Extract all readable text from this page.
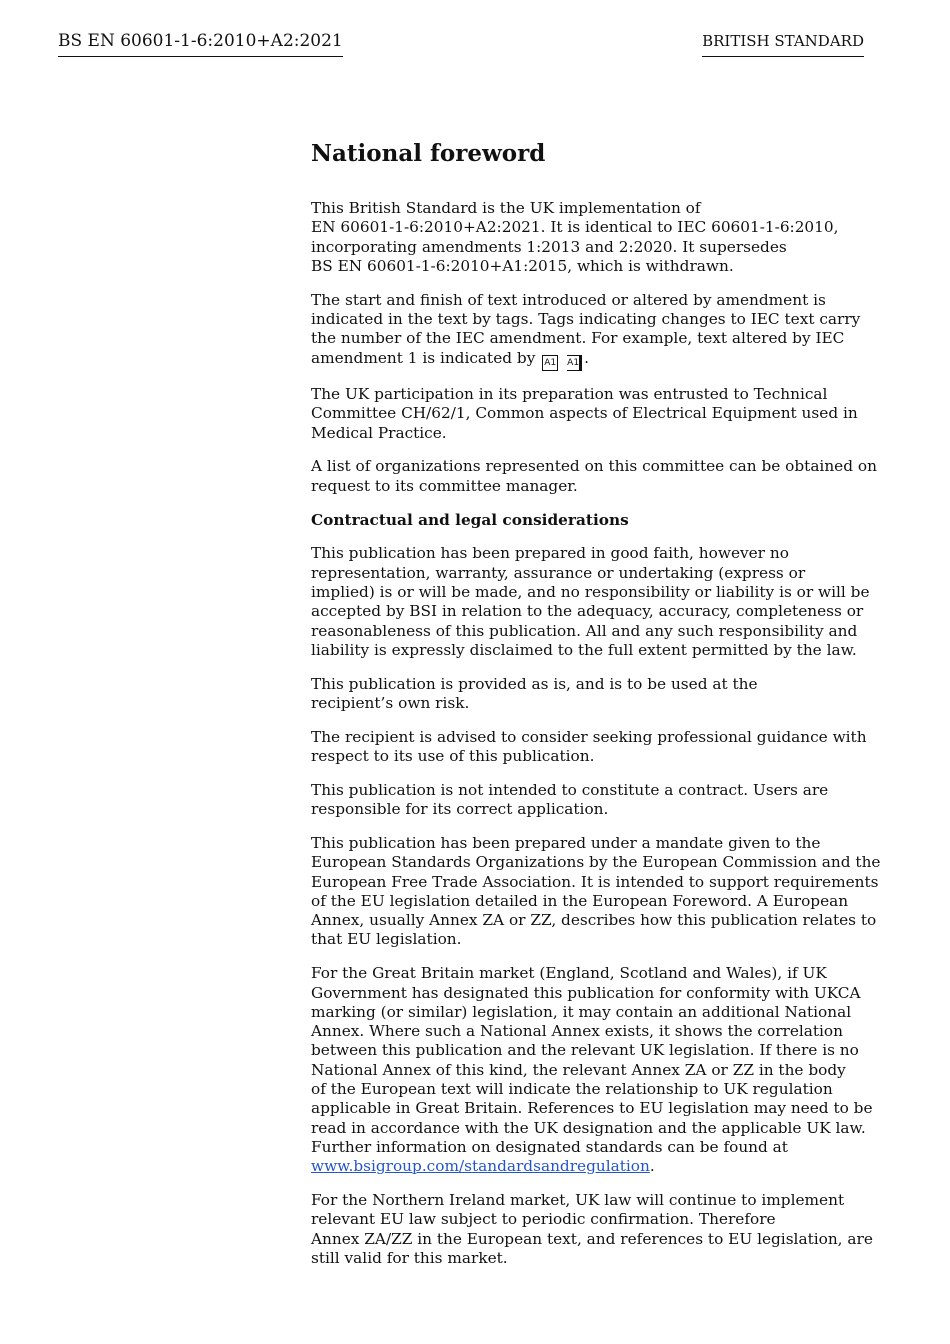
BS EN 60601-1-6:2010+A2:2021	BRITISH STANDARD
National foreword

This British Standard is the UK implementation of
EN 60601-1-6:2010+A2:2021. It is identical to IEC 60601-1-6:2010,
incorporating amendments 1:2013 and 2:2020. It supersedes
BS EN 60601-1-6:2010+A1:2015, which is withdrawn.

The start and finish of text introduced or altered by amendment is
indicated in the text by tags. Tags indicating changes to IEC text carry
the number of the IEC amendment. For example, text altered by IEC
amendment 1 is indicated by A1 A1 .

The UK participation in its preparation was entrusted to Technical
Committee CH/62/1, Common aspects of Electrical Equipment used in
Medical Practice.

A list of organizations represented on this committee can be obtained on
request to its committee manager.

Contractual and legal considerations

This publication has been prepared in good faith, however no
representation, warranty, assurance or undertaking (express or
implied) is or will be made, and no responsibility or liability is or will be
accepted by BSI in relation to the adequacy, accuracy, completeness or
reasonableness of this publication. All and any such responsibility and
liability is expressly disclaimed to the full extent permitted by the law.

This publication is provided as is, and is to be used at the
recipient’s own risk.

The recipient is advised to consider seeking professional guidance with
respect to its use of this publication.

This publication is not intended to constitute a contract. Users are
responsible for its correct application.

This publication has been prepared under a mandate given to the
European Standards Organizations by the European Commission and the
European Free Trade Association. It is intended to support requirements
of the EU legislation detailed in the European Foreword. A European
Annex, usually Annex ZA or ZZ, describes how this publication relates to
that EU legislation.

For the Great Britain market (England, Scotland and Wales), if UK
Government has designated this publication for conformity with UKCA
marking (or similar) legislation, it may contain an additional National
Annex. Where such a National Annex exists, it shows the correlation
between this publication and the relevant UK legislation. If there is no
National Annex of this kind, the relevant Annex ZA or ZZ in the body
of the European text will indicate the relationship to UK regulation
applicable in Great Britain. References to EU legislation may need to be
read in accordance with the UK designation and the applicable UK law.
Further information on designated standards can be found at
www.bsigroup.com/standardsandregulation.

For the Northern Ireland market, UK law will continue to implement
relevant EU law subject to periodic confirmation. Therefore
Annex ZA/ZZ in the European text, and references to EU legislation, are
still valid for this market.
